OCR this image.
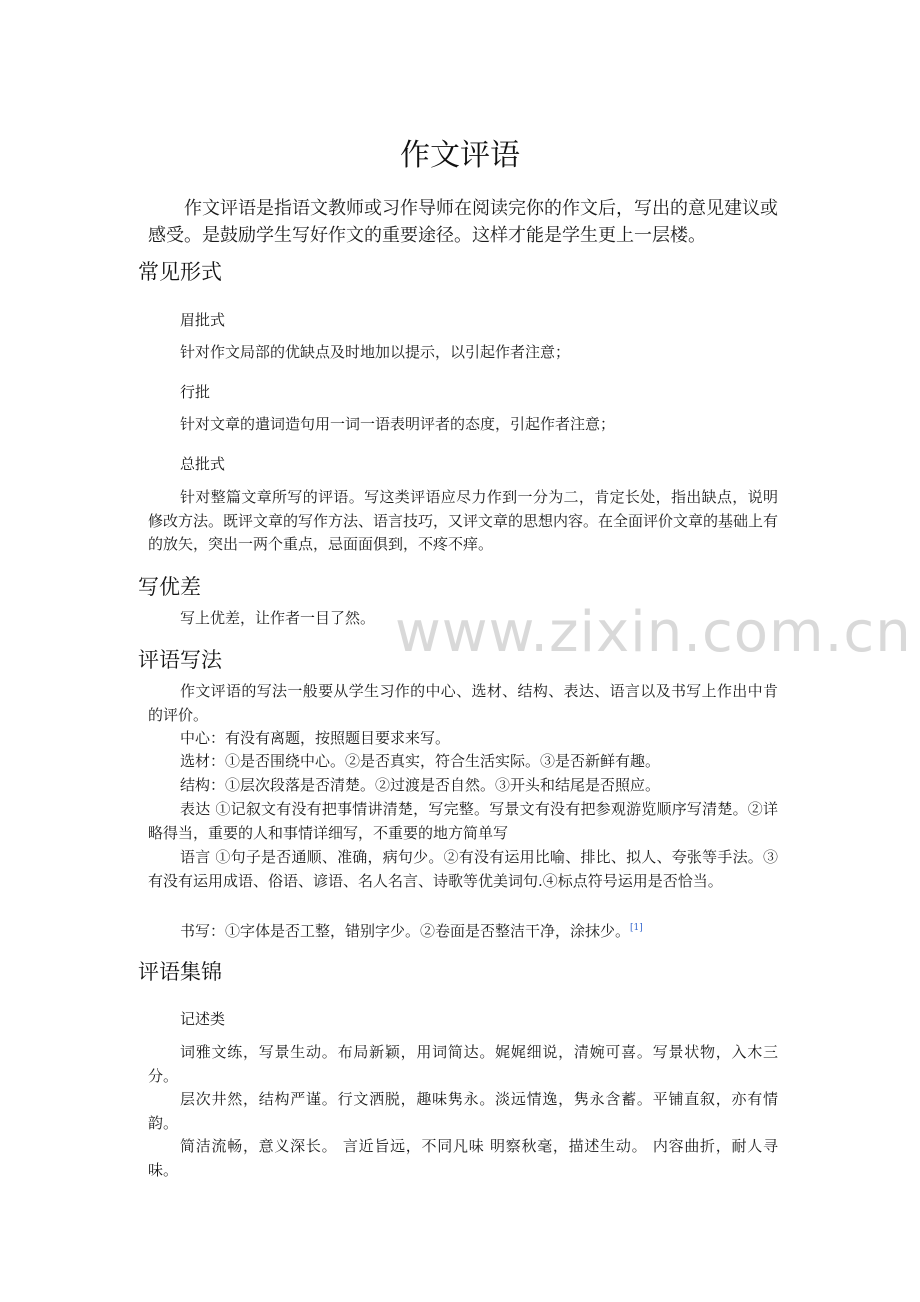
作文评语
作文评语是指语文教师或习作导师在阅读完你的作文后，写出的意见建议或感受。是鼓励学生写好作文的重要途径。这样才能是学生更上一层楼。
常见形式
眉批式
针对作文局部的优缺点及时地加以提示，以引起作者注意；
行批
针对文章的遣词造句用一词一语表明评者的态度，引起作者注意；
总批式
针对整篇文章所写的评语。写这类评语应尽力作到一分为二，肯定长处，指出缺点，说明修改方法。既评文章的写作方法、语言技巧，又评文章的思想内容。在全面评价文章的基础上有的放矢，突出一两个重点，忌面面俱到，不疼不痒。
写优差
写上优差，让作者一目了然。
评语写法
作文评语的写法一般要从学生习作的中心、选材、结构、表达、语言以及书写上作出中肯的评价。
中心：有没有离题，按照题目要求来写。
选材：①是否围绕中心。②是否真实，符合生活实际。③是否新鲜有趣。
结构：①层次段落是否清楚。②过渡是否自然。③开头和结尾是否照应。
表达 ①记叙文有没有把事情讲清楚，写完整。写景文有没有把参观游览顺序写清楚。②详略得当，重要的人和事情详细写，不重要的地方简单写
语言 ①句子是否通顺、准确，病句少。②有没有运用比喻、排比、拟人、夸张等手法。③有没有运用成语、俗语、谚语、名人名言、诗歌等优美词句.④标点符号运用是否恰当。
书写：①字体是否工整，错别字少。②卷面是否整洁干净，涂抹少。[1]
评语集锦
记述类
词雅文练，写景生动。布局新颖，用词简达。娓娓细说，清婉可喜。写景状物，入木三分。
层次井然，结构严谨。行文洒脱，趣味隽永。淡远情逸，隽永含蓄。平铺直叙，亦有情韵。
简洁流畅，意义深长。 言近旨远，不同凡味 明察秋毫，描述生动。 内容曲折，耐人寻味。
www.zixin.com.cn
